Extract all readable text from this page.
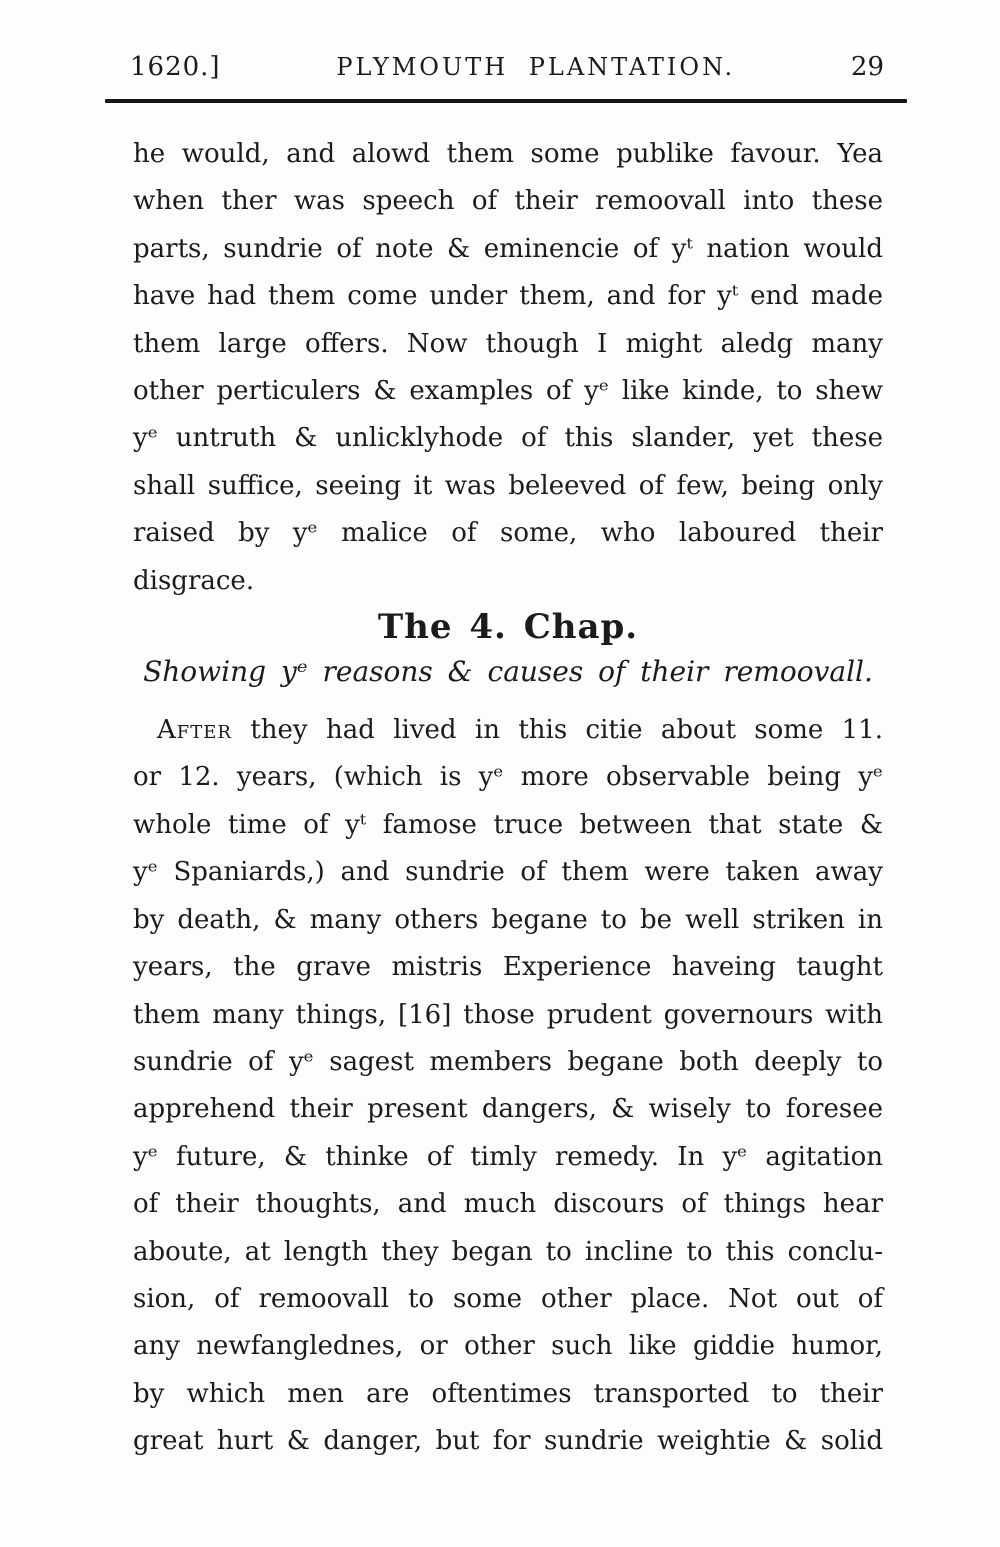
1620.]	PLYMOUTH PLANTATION.	29
he would, and alowd them some publike favour. Yea
when ther was speech of their remoovall into these
parts, sundrie of note & eminencie of yᵗ nation would
have had them come under them, and for yᵗ end made
them large offers. Now though I might aledg many
other perticulers & examples of yᵉ like kinde, to shew
yᵉ untruth & unlicklyhode of this slander, yet these
shall suffice, seeing it was beleeved of few, being only
raised by yᵉ malice of some, who laboured their
disgrace.
The 4. Chap.
Showing yᵉ reasons & causes of their remoovall.
After they had lived in this citie about some 11.
or 12. years, (which is yᵉ more observable being yᵉ
whole time of yᵗ famose truce between that state &
yᵉ Spaniards,) and sundrie of them were taken away
by death, & many others begane to be well striken in
years, the grave mistris Experience haveing taught
them many things, [16] those prudent governours with
sundrie of yᵉ sagest members begane both deeply to
apprehend their present dangers, & wisely to foresee
yᵉ future, & thinke of timly remedy. In yᵉ agitation
of their thoughts, and much discours of things hear
aboute, at length they began to incline to this conclu-
sion, of remoovall to some other place. Not out of
any newfanglednes, or other such like giddie humor,
by which men are oftentimes transported to their
great hurt & danger, but for sundrie weightie & solid
